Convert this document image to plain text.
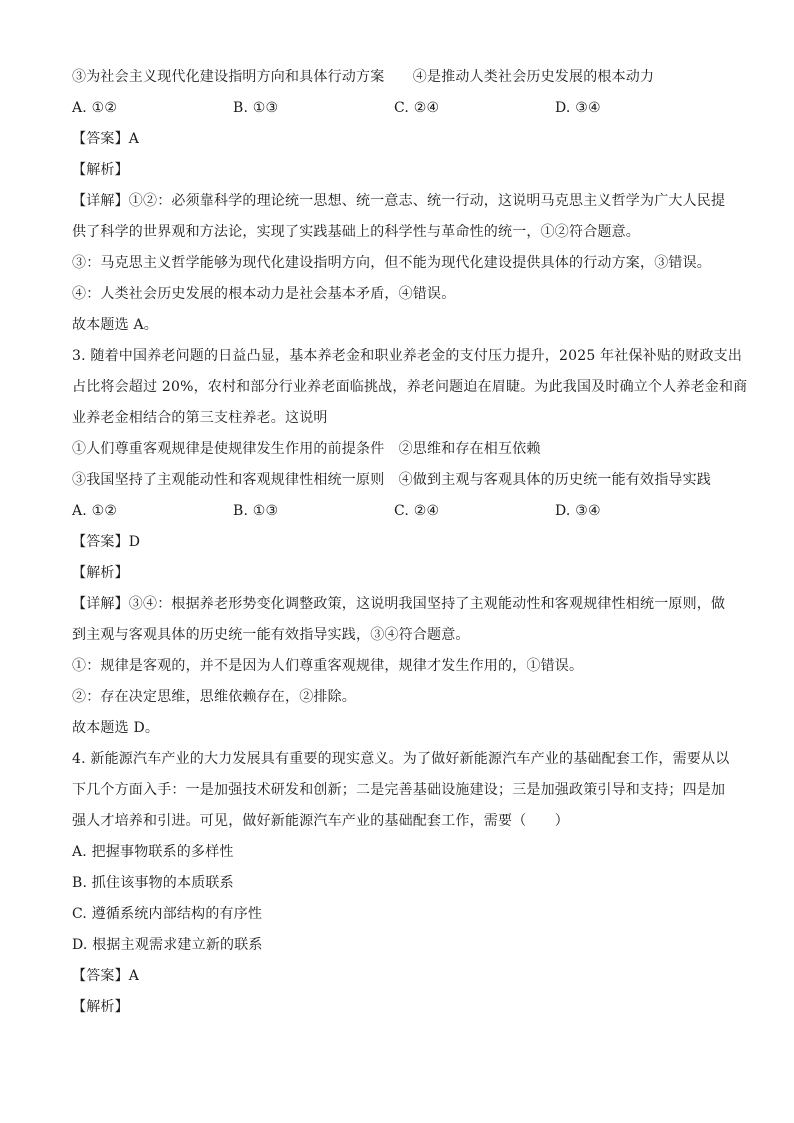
③为社会主义现代化建设指明方向和具体行动方案　　④是推动人类社会历史发展的根本动力
A. ①②	B. ①③	C. ②④	D. ③④
【答案】A
【解析】
【详解】①②：必须靠科学的理论统一思想、统一意志、统一行动，这说明马克思主义哲学为广大人民提
供了科学的世界观和方法论，实现了实践基础上的科学性与革命性的统一，①②符合题意。
③：马克思主义哲学能够为现代化建设指明方向，但不能为现代化建设提供具体的行动方案，③错误。
④：人类社会历史发展的根本动力是社会基本矛盾，④错误。
故本题选 A。
3. 随着中国养老问题的日益凸显，基本养老金和职业养老金的支付压力提升，2025 年社保补贴的财政支出
占比将会超过 20%，农村和部分行业养老面临挑战，养老问题迫在眉睫。为此我国及时确立个人养老金和商
业养老金相结合的第三支柱养老。这说明
①人们尊重客观规律是使规律发生作用的前提条件　②思维和存在相互依赖
③我国坚持了主观能动性和客观规律性相统一原则　④做到主观与客观具体的历史统一能有效指导实践
A. ①②	B. ①③	C. ②④	D. ③④
【答案】D
【解析】
【详解】③④：根据养老形势变化调整政策，这说明我国坚持了主观能动性和客观规律性相统一原则，做
到主观与客观具体的历史统一能有效指导实践，③④符合题意。
①：规律是客观的，并不是因为人们尊重客观规律，规律才发生作用的，①错误。
②：存在决定思维，思维依赖存在，②排除。
故本题选 D。
4. 新能源汽车产业的大力发展具有重要的现实意义。为了做好新能源汽车产业的基础配套工作，需要从以
下几个方面入手：一是加强技术研发和创新；二是完善基础设施建设；三是加强政策引导和支持；四是加
强人才培养和引进。可见，做好新能源汽车产业的基础配套工作，需要（　　）
A. 把握事物联系的多样性
B. 抓住该事物的本质联系
C. 遵循系统内部结构的有序性
D. 根据主观需求建立新的联系
【答案】A
【解析】
